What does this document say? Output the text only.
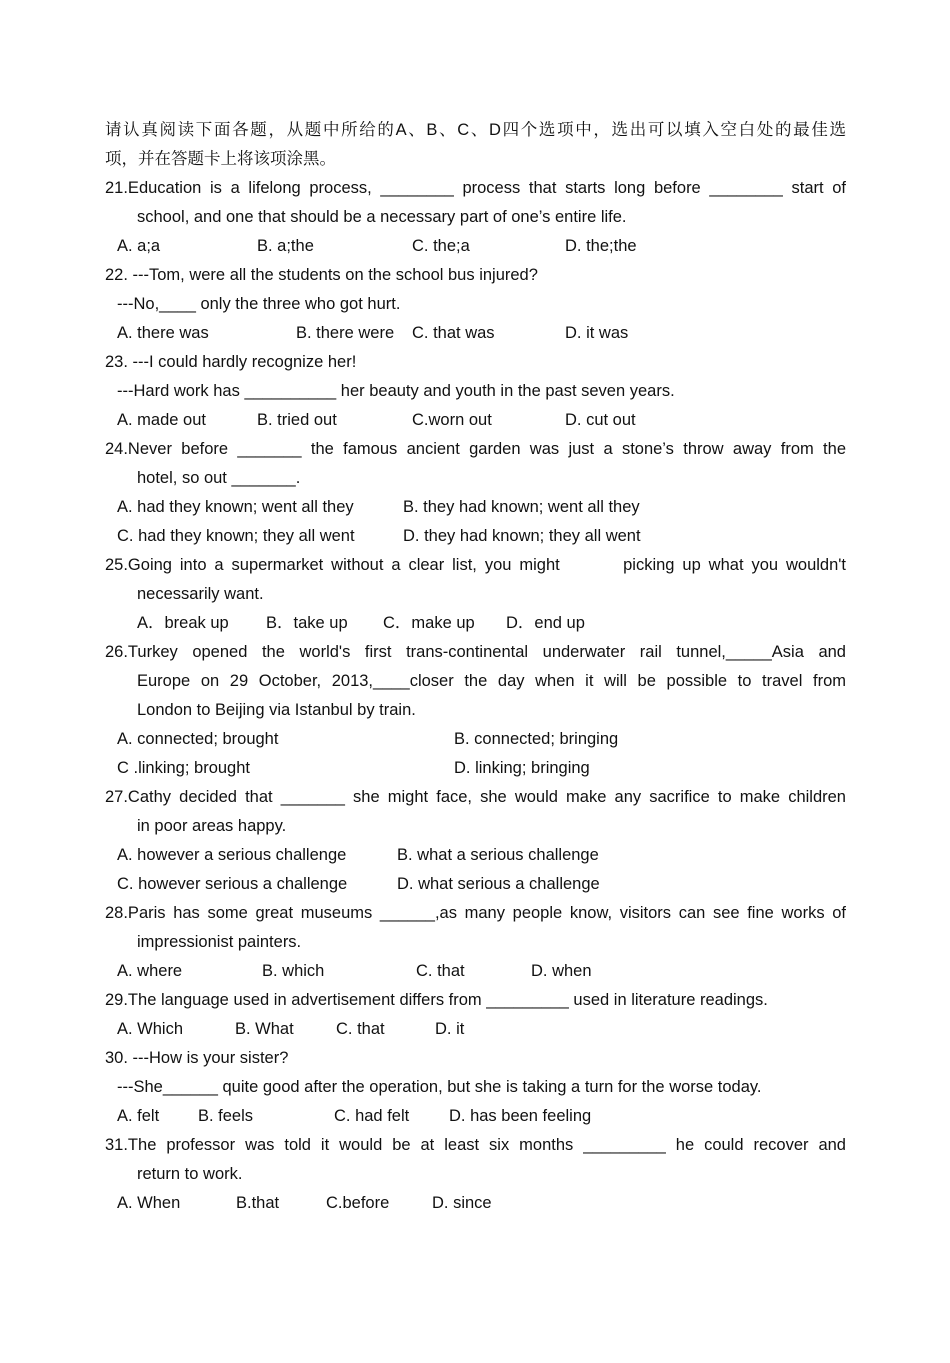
请认真阅读下面各题，从题中所给的A、B、C、D四个选项中，选出可以填入空白处的最佳选
项，并在答题卡上将该项涂黑。
21.Education is a lifelong process, ________ process that starts long before ________ start of
school, and one that should be a necessary part of one’s entire life.

A. a;a

	B. a;the

	C. the;a

	D. the;the

22. ---Tom, were all the students on the school bus injured?
---No,____ only the three who got hurt.

A. there was

	B. there were

C. that was

	D. it was

23. ---I could hardly recognize her!
---Hard work has __________ her beauty and youth in the past seven years.

A. made out

	B. tried out

	C.worn out

	D. cut out

24.Never before _______ the famous ancient garden was just a stone’s throw away from the
hotel, so out _______.

A. had they known; went all they

	B. they had known; went all they

C. had they known; they all went

	D. they had known; they all went

25.Going into a supermarket without a clear list, you might        picking up what you wouldn't
necessarily want.

A．break up

B．take up

C．make up

D．end up

26.Turkey opened the world's first trans-continental underwater rail tunnel,_____Asia and
Europe on 29 October, 2013,____closer the day when it will be possible to travel from
London to Beijing via Istanbul by train.

A. connected; brought

	B. connected; bringing

C .linking; brought

	D. linking; bringing

27.Cathy decided that _______ she might face, she would make any sacrifice to make children
in poor areas happy.

A. however a serious challenge

	B. what a serious challenge

C. however serious a challenge

	D. what serious a challenge

28.Paris has some great museums ______,as many people know, visitors can see fine works of
impressionist painters.

A. where

	B. which

	C. that

	D. when

29.The language used in advertisement differs from _________ used in literature readings.

A. Which

	B. What

	C. that

	D. it

30. ---How is your sister?
---She______ quite good after the operation, but she is taking a turn for the worse today.

A. felt

B. feels

	C. had felt

D. has been feeling

31.The professor was told it would be at least six months _________ he could recover and
return to work.

A. When

	B.that

	C.before

	D. since
